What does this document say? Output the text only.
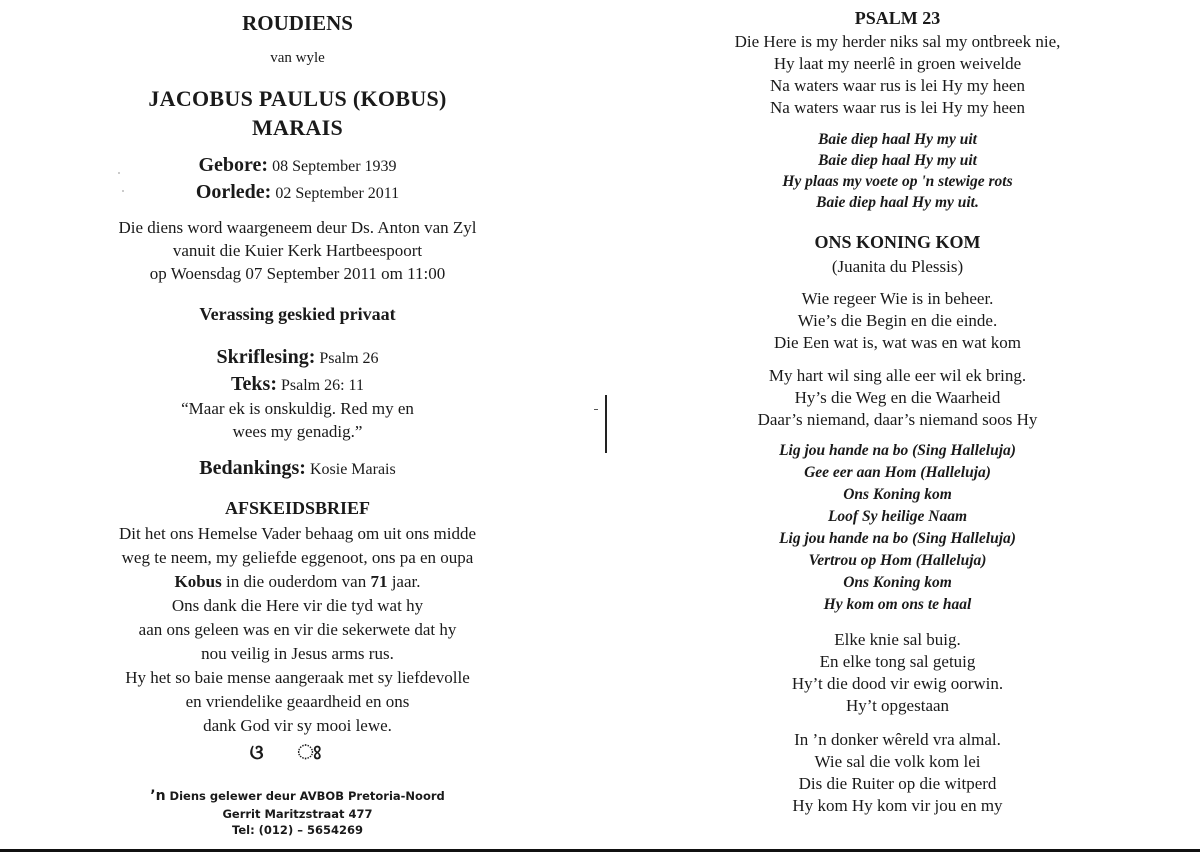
ROUDIENS
van wyle
JACOBUS PAULUS (KOBUS)
MARAIS
Gebore: 08 September 1939
Oorlede: 02 September 2011
Die diens word waargeneem deur Ds. Anton van Zyl
vanuit die Kuier Kerk Hartbeespoort
op Woensdag 07 September 2011 om 11:00
Verassing geskied privaat
Skriflesing: Psalm 26
Teks: Psalm 26: 11
“Maar ek is onskuldig. Red my en
wees my genadig.”
Bedankings: Kosie Marais
AFSKEIDSBRIEF
Dit het ons Hemelse Vader behaag om uit ons midde
weg te neem, my geliefde eggenoot, ons pa en oupa
Kobus in die ouderdom van 71 jaar.
Ons dank die Here vir die tyd wat hy
aan ons geleen was en vir die sekerwete dat hy
nou veilig in Jesus arms rus.
Hy het so baie mense aangeraak met sy liefdevolle
en vriendelike geaardheid en ons
dank God vir sy mooi lewe.
ଓ ଃ
’n Diens gelewer deur AVBOB Pretoria-Noord
Gerrit Maritzstraat 477
Tel: (012) – 5654269
PSALM 23
Die Here is my herder niks sal my ontbreek nie,
Hy laat my neerlê in groen weivelde
Na waters waar rus is lei Hy my heen
Na waters waar rus is lei Hy my heen
Baie diep haal Hy my uit
Baie diep haal Hy my uit
Hy plaas my voete op 'n stewige rots
Baie diep haal Hy my uit.
ONS KONING KOM
(Juanita du Plessis)
Wie regeer Wie is in beheer.
Wie’s die Begin en die einde.
Die Een wat is, wat was en wat kom
My hart wil sing alle eer wil ek bring.
Hy’s die Weg en die Waarheid
Daar’s niemand, daar’s niemand soos Hy
Lig jou hande na bo (Sing Halleluja)
Gee eer aan Hom (Halleluja)
Ons Koning kom
Loof Sy heilige Naam
Lig jou hande na bo (Sing Halleluja)
Vertrou op Hom (Halleluja)
Ons Koning kom
Hy kom om ons te haal
Elke knie sal buig.
En elke tong sal getuig
Hy’t die dood vir ewig oorwin.
Hy’t opgestaan
In ’n donker wêreld vra almal.
Wie sal die volk kom lei
Dis die Ruiter op die witperd
Hy kom Hy kom vir jou en my
